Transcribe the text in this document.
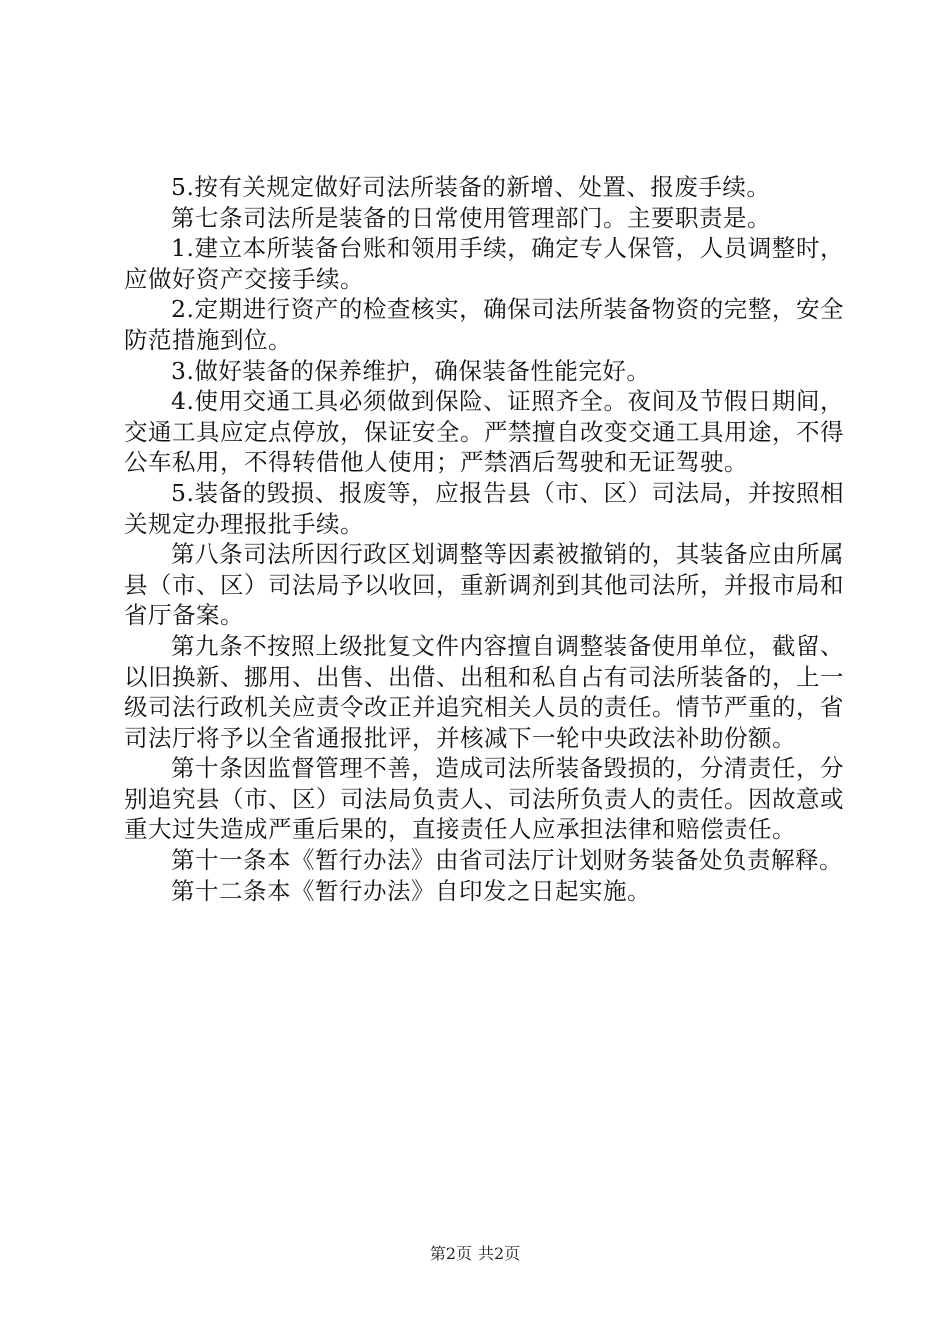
5.按有关规定做好司法所装备的新增、处置、报废手续。

第七条司法所是装备的日常使用管理部门。主要职责是。

1.建立本所装备台账和领用手续，确定专人保管，人员调整时，应做好资产交接手续。

2.定期进行资产的检查核实，确保司法所装备物资的完整，安全防范措施到位。

3.做好装备的保养维护，确保装备性能完好。

4.使用交通工具必须做到保险、证照齐全。夜间及节假日期间，交通工具应定点停放，保证安全。严禁擅自改变交通工具用途，不得公车私用，不得转借他人使用；严禁酒后驾驶和无证驾驶。

5.装备的毁损、报废等，应报告县（市、区）司法局，并按照相关规定办理报批手续。

第八条司法所因行政区划调整等因素被撤销的，其装备应由所属县（市、区）司法局予以收回，重新调剂到其他司法所，并报市局和省厅备案。

第九条不按照上级批复文件内容擅自调整装备使用单位，截留、以旧换新、挪用、出售、出借、出租和私自占有司法所装备的，上一级司法行政机关应责令改正并追究相关人员的责任。情节严重的，省司法厅将予以全省通报批评，并核减下一轮中央政法补助份额。

第十条因监督管理不善，造成司法所装备毁损的，分清责任，分别追究县（市、区）司法局负责人、司法所负责人的责任。因故意或重大过失造成严重后果的，直接责任人应承担法律和赔偿责任。

第十一条本《暂行办法》由省司法厅计划财务装备处负责解释。

第十二条本《暂行办法》自印发之日起实施。

第2页 共2页
